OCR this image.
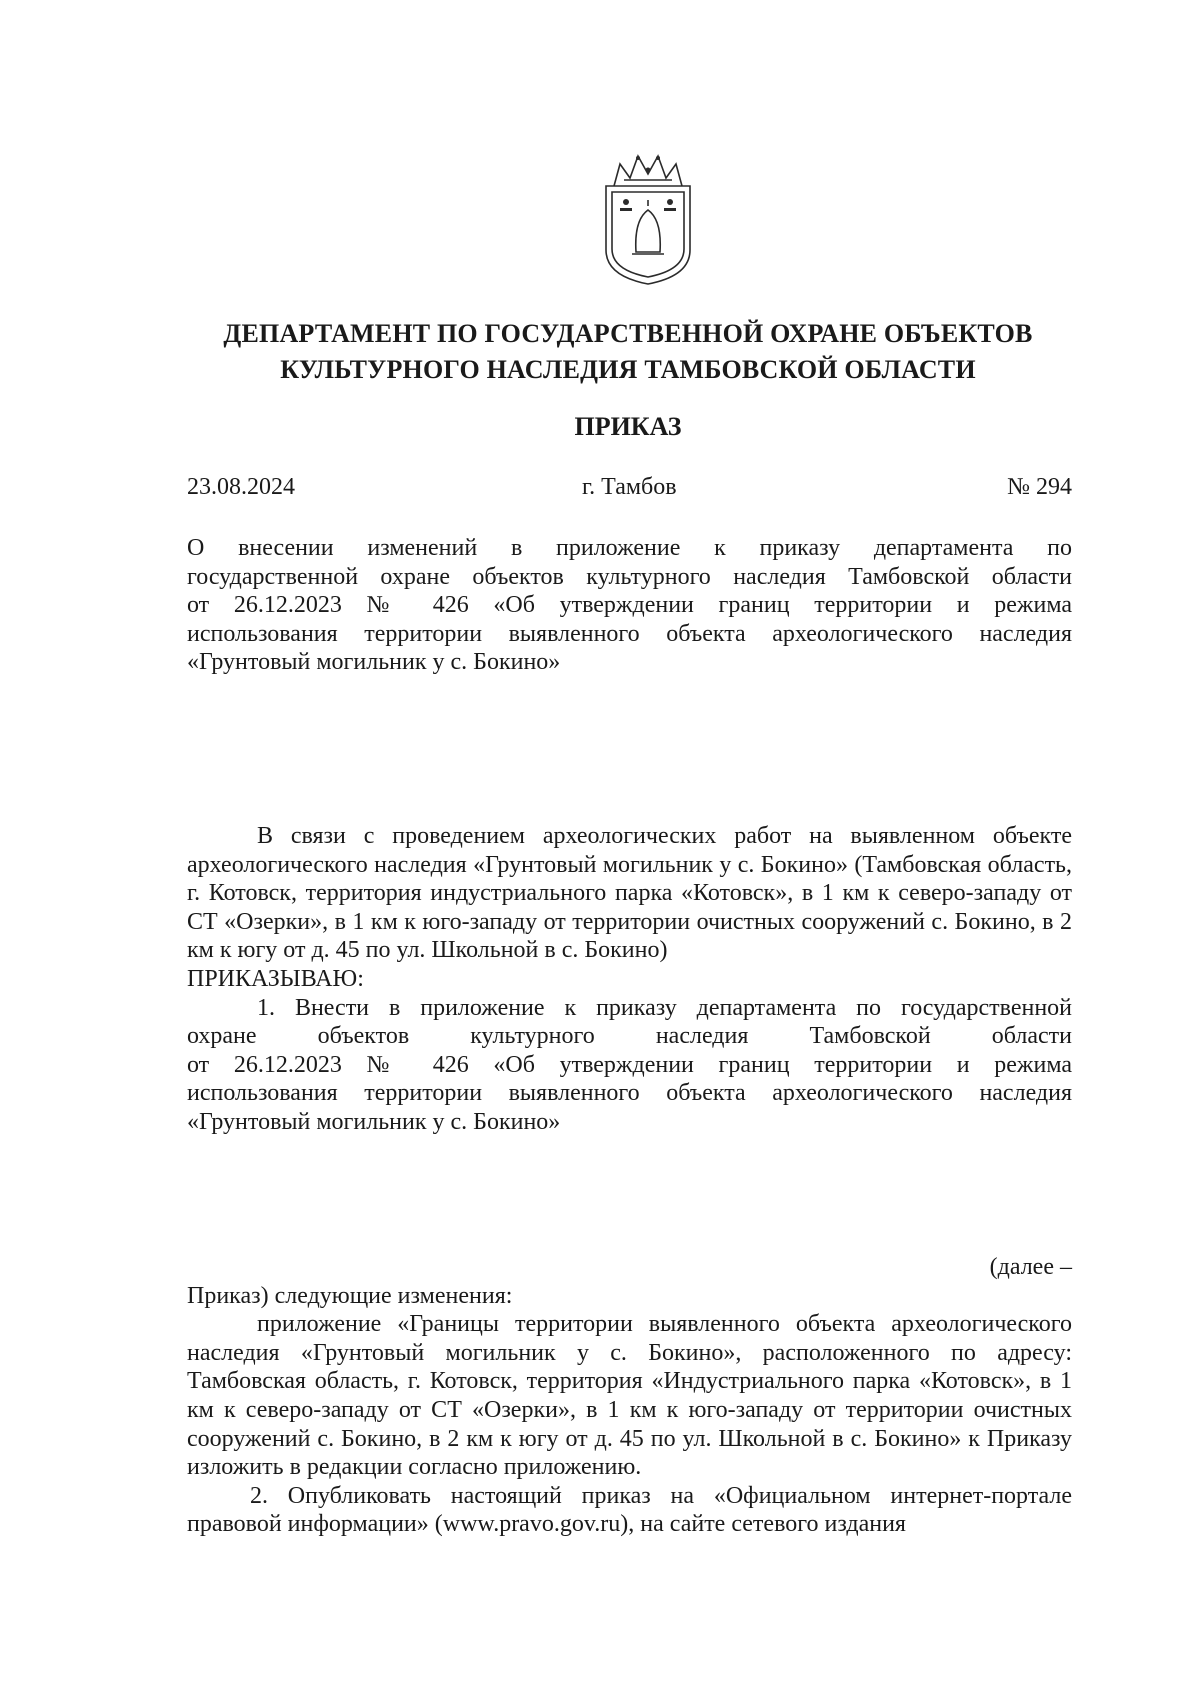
ДЕПАРТАМЕНТ ПО ГОСУДАРСТВЕННОЙ ОХРАНЕ ОБЪЕКТОВ
КУЛЬТУРНОГО НАСЛЕДИЯ ТАМБОВСКОЙ ОБЛАСТИ
ПРИКАЗ
23.08.2024	г. Тамбов	№ 294

О внесении изменений в приложение к приказу департамента по

государственной охране объектов культурного наследия Тамбовской области

от 26.12.2023 № 426 «Об утверждении границ территории и режима

использования территории выявленного объекта археологического наследия

«Грунтовый могильник у с. Бокино»

В связи с проведением археологических работ на выявленном объекте археологического наследия «Грунтовый могильник у с. Бокино» (Тамбовская область, г. Котовск, территория индустриального парка «Котовск», в 1 км к северо-западу от СТ «Озерки», в 1 км к юго-западу от территории очистных сооружений с. Бокино, в 2 км к югу от д. 45 по ул. Школьной в с. Бокино)

ПРИКАЗЫВАЮ:

1. Внести в приложение к приказу департамента по государственной

охране объектов культурного наследия Тамбовской области

от 26.12.2023 № 426 «Об утверждении границ территории и режима

использования территории выявленного объекта археологического наследия

«Грунтовый могильник у с. Бокино»

(далее –

Приказ) следующие изменения:

приложение «Границы территории выявленного объекта археологического наследия «Грунтовый могильник у с. Бокино», расположенного по адресу: Тамбовская область, г. Котовск, территория «Индустриального парка «Котовск», в 1 км к северо-западу от СТ «Озерки», в 1 км к юго-западу от территории очистных сооружений с. Бокино, в 2 км к югу от д. 45 по ул. Школьной в с. Бокино» к Приказу изложить в редакции согласно приложению.

2. Опубликовать настоящий приказ на «Официальном интернет-портале правовой информации» (www.pravo.gov.ru), на сайте сетевого издания
